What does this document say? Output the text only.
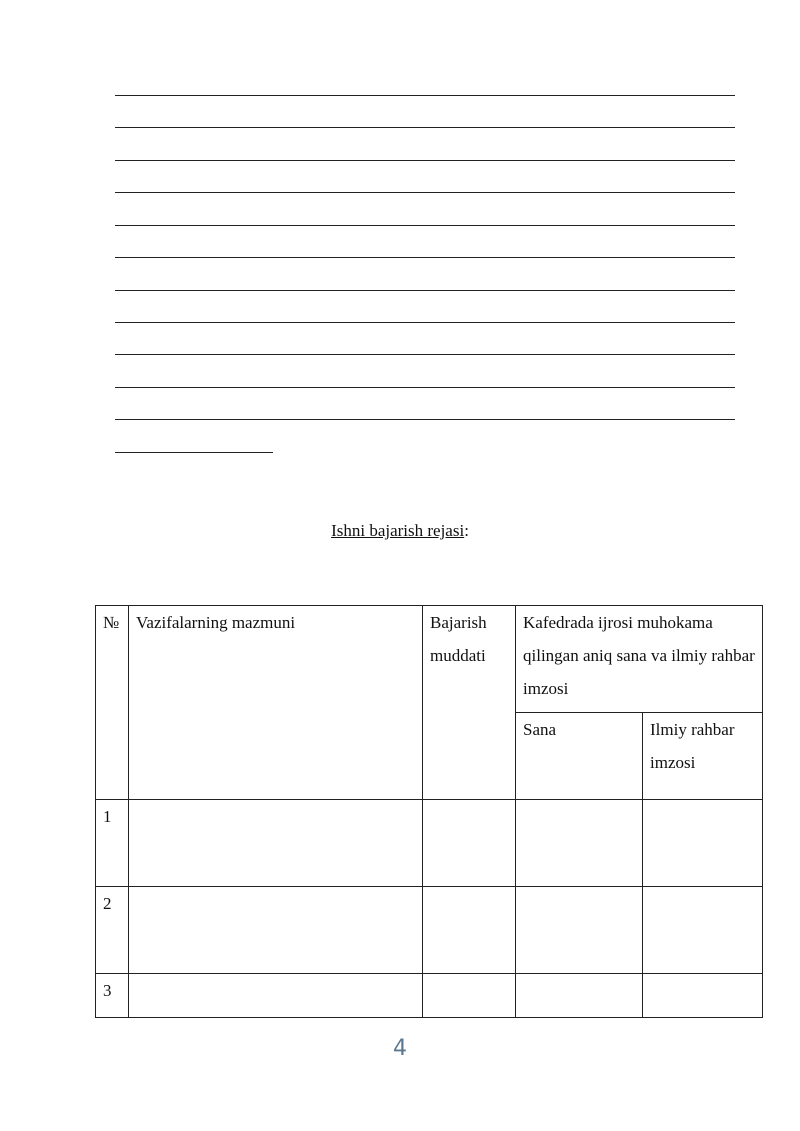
Ishni bajarish rejasi:
№	Vazifalarning mazmuni	Bajarish muddati	Kafedrada ijrosi muhokama qilingan aniq sana va ilmiy rahbar imzosi	
			Sana	Ilmiy rahbar imzosi
1				
2				
3				
4
